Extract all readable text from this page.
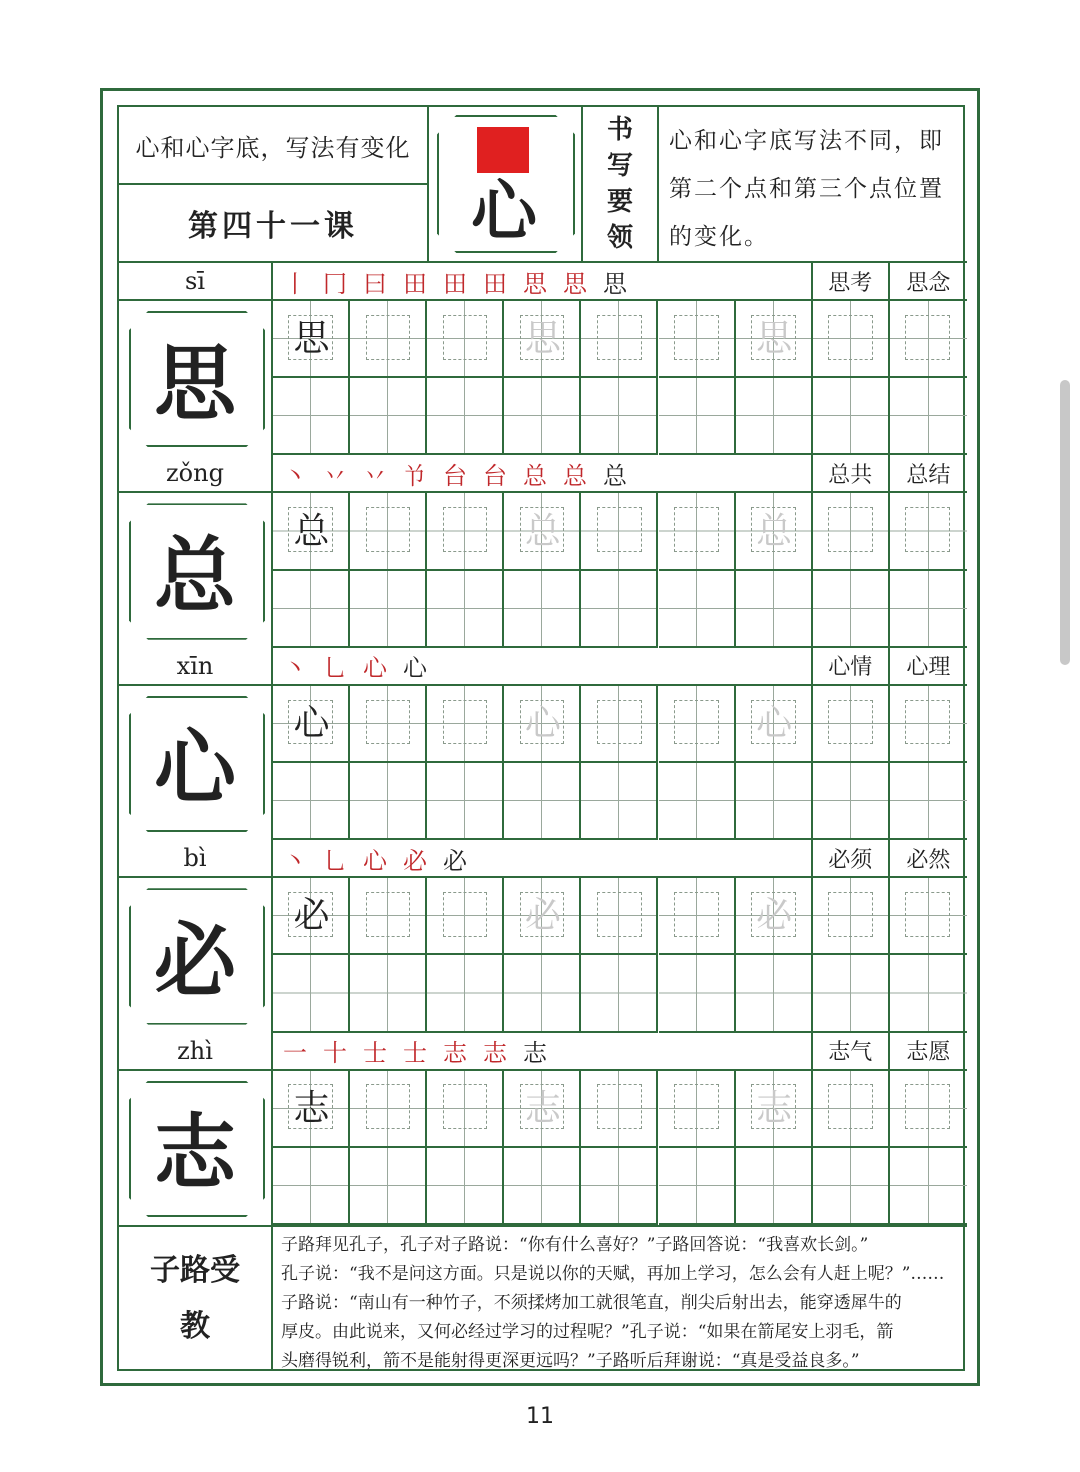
心和心字底，写法有变化
第四十一课	心
书
写
要
领
心和心字底写法不同，即第二个点和第三个点位置的变化。
sī	丨 冂 曰 田 田 田 思 思 思	思考	思念
思	思	思	思
zǒng	丶 丷 丷 兯 台 台 总 总 总	总共	总结
总	总	总	总
xīn	丶 乚 心 心	心情	心理
心	心	心	心
bì	丶 乚 心 必 必	必须	必然
必	必	必	必
zhì	一 十 士 士 志 志 志	志气	志愿
志	志	志	志
子路受
教
子路拜见孔子，孔子对子路说：“你有什么喜好？”子路回答说：“我喜欢长剑。”
孔子说：“我不是问这方面。只是说以你的天赋，再加上学习，怎么会有人赶上呢？”……
子路说：“南山有一种竹子，不须揉烤加工就很笔直，削尖后射出去，能穿透犀牛的
厚皮。由此说来，又何必经过学习的过程呢？”孔子说：“如果在箭尾安上羽毛，箭
头磨得锐利，箭不是能射得更深更远吗？”子路听后拜谢说：“真是受益良多。”
11
